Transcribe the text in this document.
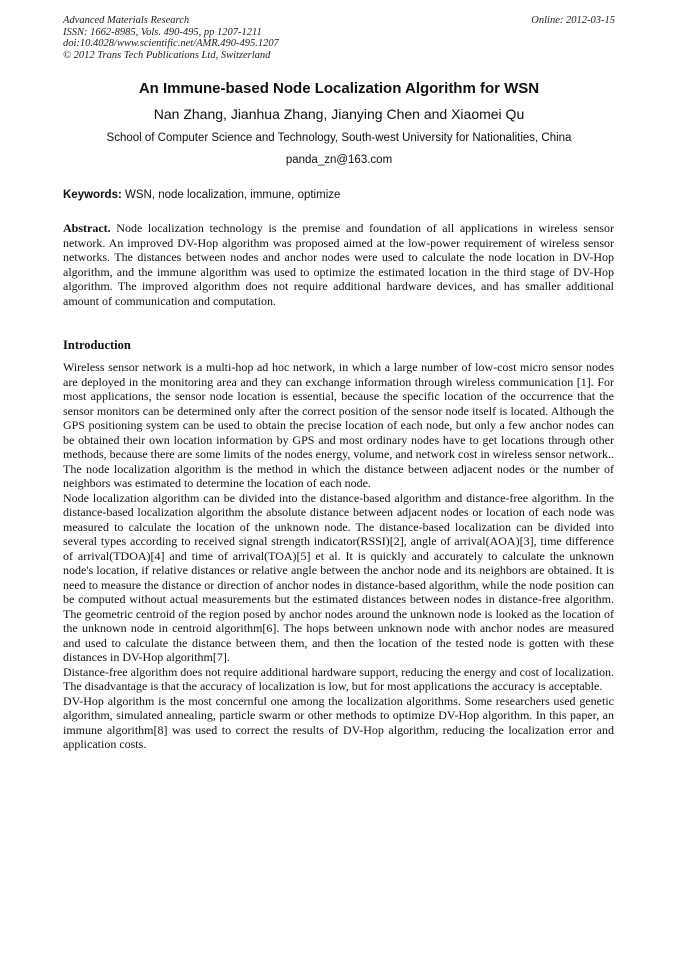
Advanced Materials Research
ISSN: 1662-8985, Vols. 490-495, pp 1207-1211
doi:10.4028/www.scientific.net/AMR.490-495.1207
© 2012 Trans Tech Publications Ltd, Switzerland
Online: 2012-03-15
An Immune-based Node Localization Algorithm for WSN
Nan Zhang, Jianhua Zhang, Jianying Chen and Xiaomei Qu
School of Computer Science and Technology, South-west University for Nationalities, China
panda_zn@163.com
Keywords: WSN, node localization, immune, optimize

Abstract. Node localization technology is the premise and foundation of all applications in wireless sensor network. An improved DV-Hop algorithm was proposed aimed at the low-power requirement of wireless sensor networks. The distances between nodes and anchor nodes were used to calculate the node location in DV-Hop algorithm, and the immune algorithm was used to optimize the estimated location in the third stage of DV-Hop algorithm. The improved algorithm does not require additional hardware devices, and has smaller additional amount of communication and computation.

Introduction

Wireless sensor network is a multi-hop ad hoc network, in which a large number of low-cost micro sensor nodes are deployed in the monitoring area and they can exchange information through wireless communication [1]. For most applications, the sensor node location is essential, because the specific location of the occurrence that the sensor monitors can be determined only after the correct position of the sensor node itself is located. Although the GPS positioning system can be used to obtain the precise location of each node, but only a few anchor nodes can be obtained their own location information by GPS and most ordinary nodes have to get locations through other methods, because there are some limits of the nodes energy, volume, and network cost in wireless sensor network.. The node localization algorithm is the method in which the distance between adjacent nodes or the number of neighbors was estimated to determine the location of each node.

Node localization algorithm can be divided into the distance-based algorithm and distance-free algorithm. In the distance-based localization algorithm the absolute distance between adjacent nodes or location of each node was measured to calculate the location of the unknown node. The distance-based localization can be divided into several types according to received signal strength indicator(RSSI)[2], angle of arrival(AOA)[3], time difference of arrival(TDOA)[4] and time of arrival(TOA)[5] et al. It is quickly and accurately to calculate the unknown node's location, if relative distances or relative angle between the anchor node and its neighbors are obtained. It is need to measure the distance or direction of anchor nodes in distance-based algorithm, while the node position can be computed without actual measurements but the estimated distances between nodes in distance-free algorithm. The geometric centroid of the region posed by anchor nodes around the unknown node is looked as the location of the unknown node in centroid algorithm[6]. The hops between unknown node with anchor nodes are measured and used to calculate the distance between them, and then the location of the tested node is gotten with these distances in DV-Hop algorithm[7].

Distance-free algorithm does not require additional hardware support, reducing the energy and cost of localization. The disadvantage is that the accuracy of localization is low, but for most applications the accuracy is acceptable.

DV-Hop algorithm is the most concernful one among the localization algorithms. Some researchers used genetic algorithm, simulated annealing, particle swarm or other methods to optimize DV-Hop algorithm. In this paper, an immune algorithm[8] was used to correct the results of DV-Hop algorithm, reducing the localization error and application costs.
